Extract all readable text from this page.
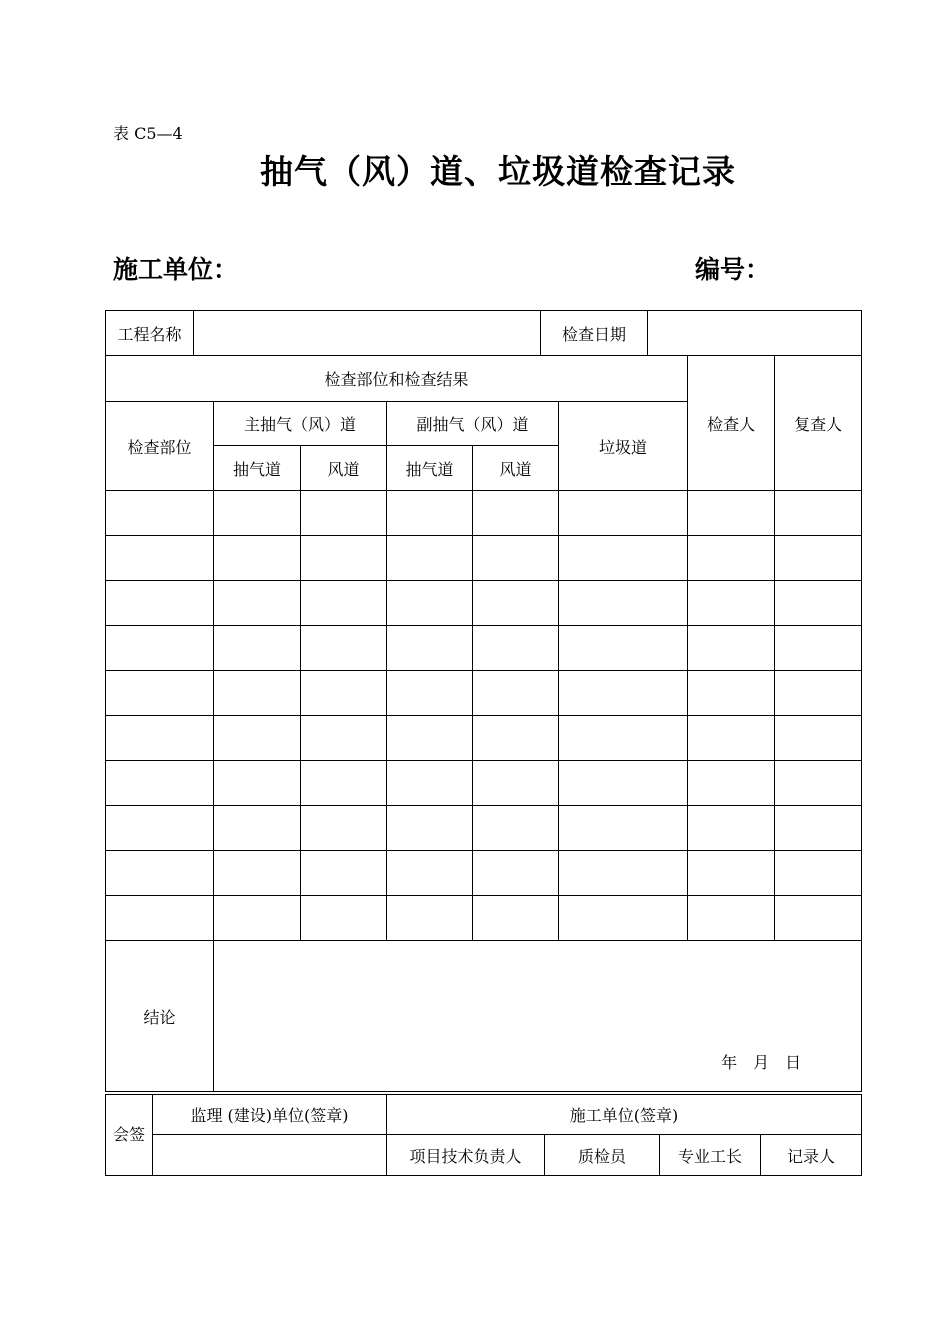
表 C5—4
抽气（风）道、垃圾道检查记录
施工单位：	编号：
工程名称		检查日期	
检查部位和检查结果						检查人	复查人
检查部位	主抽气（风）道		副抽气（风）道		垃圾道		
	抽气道	风道	抽气道	风道			

结论	年　月　日						
会签	监理 (建设)单位(签章)	施工单位(签章)			
		项目技术负责人	质检员	专业工长	记录人
